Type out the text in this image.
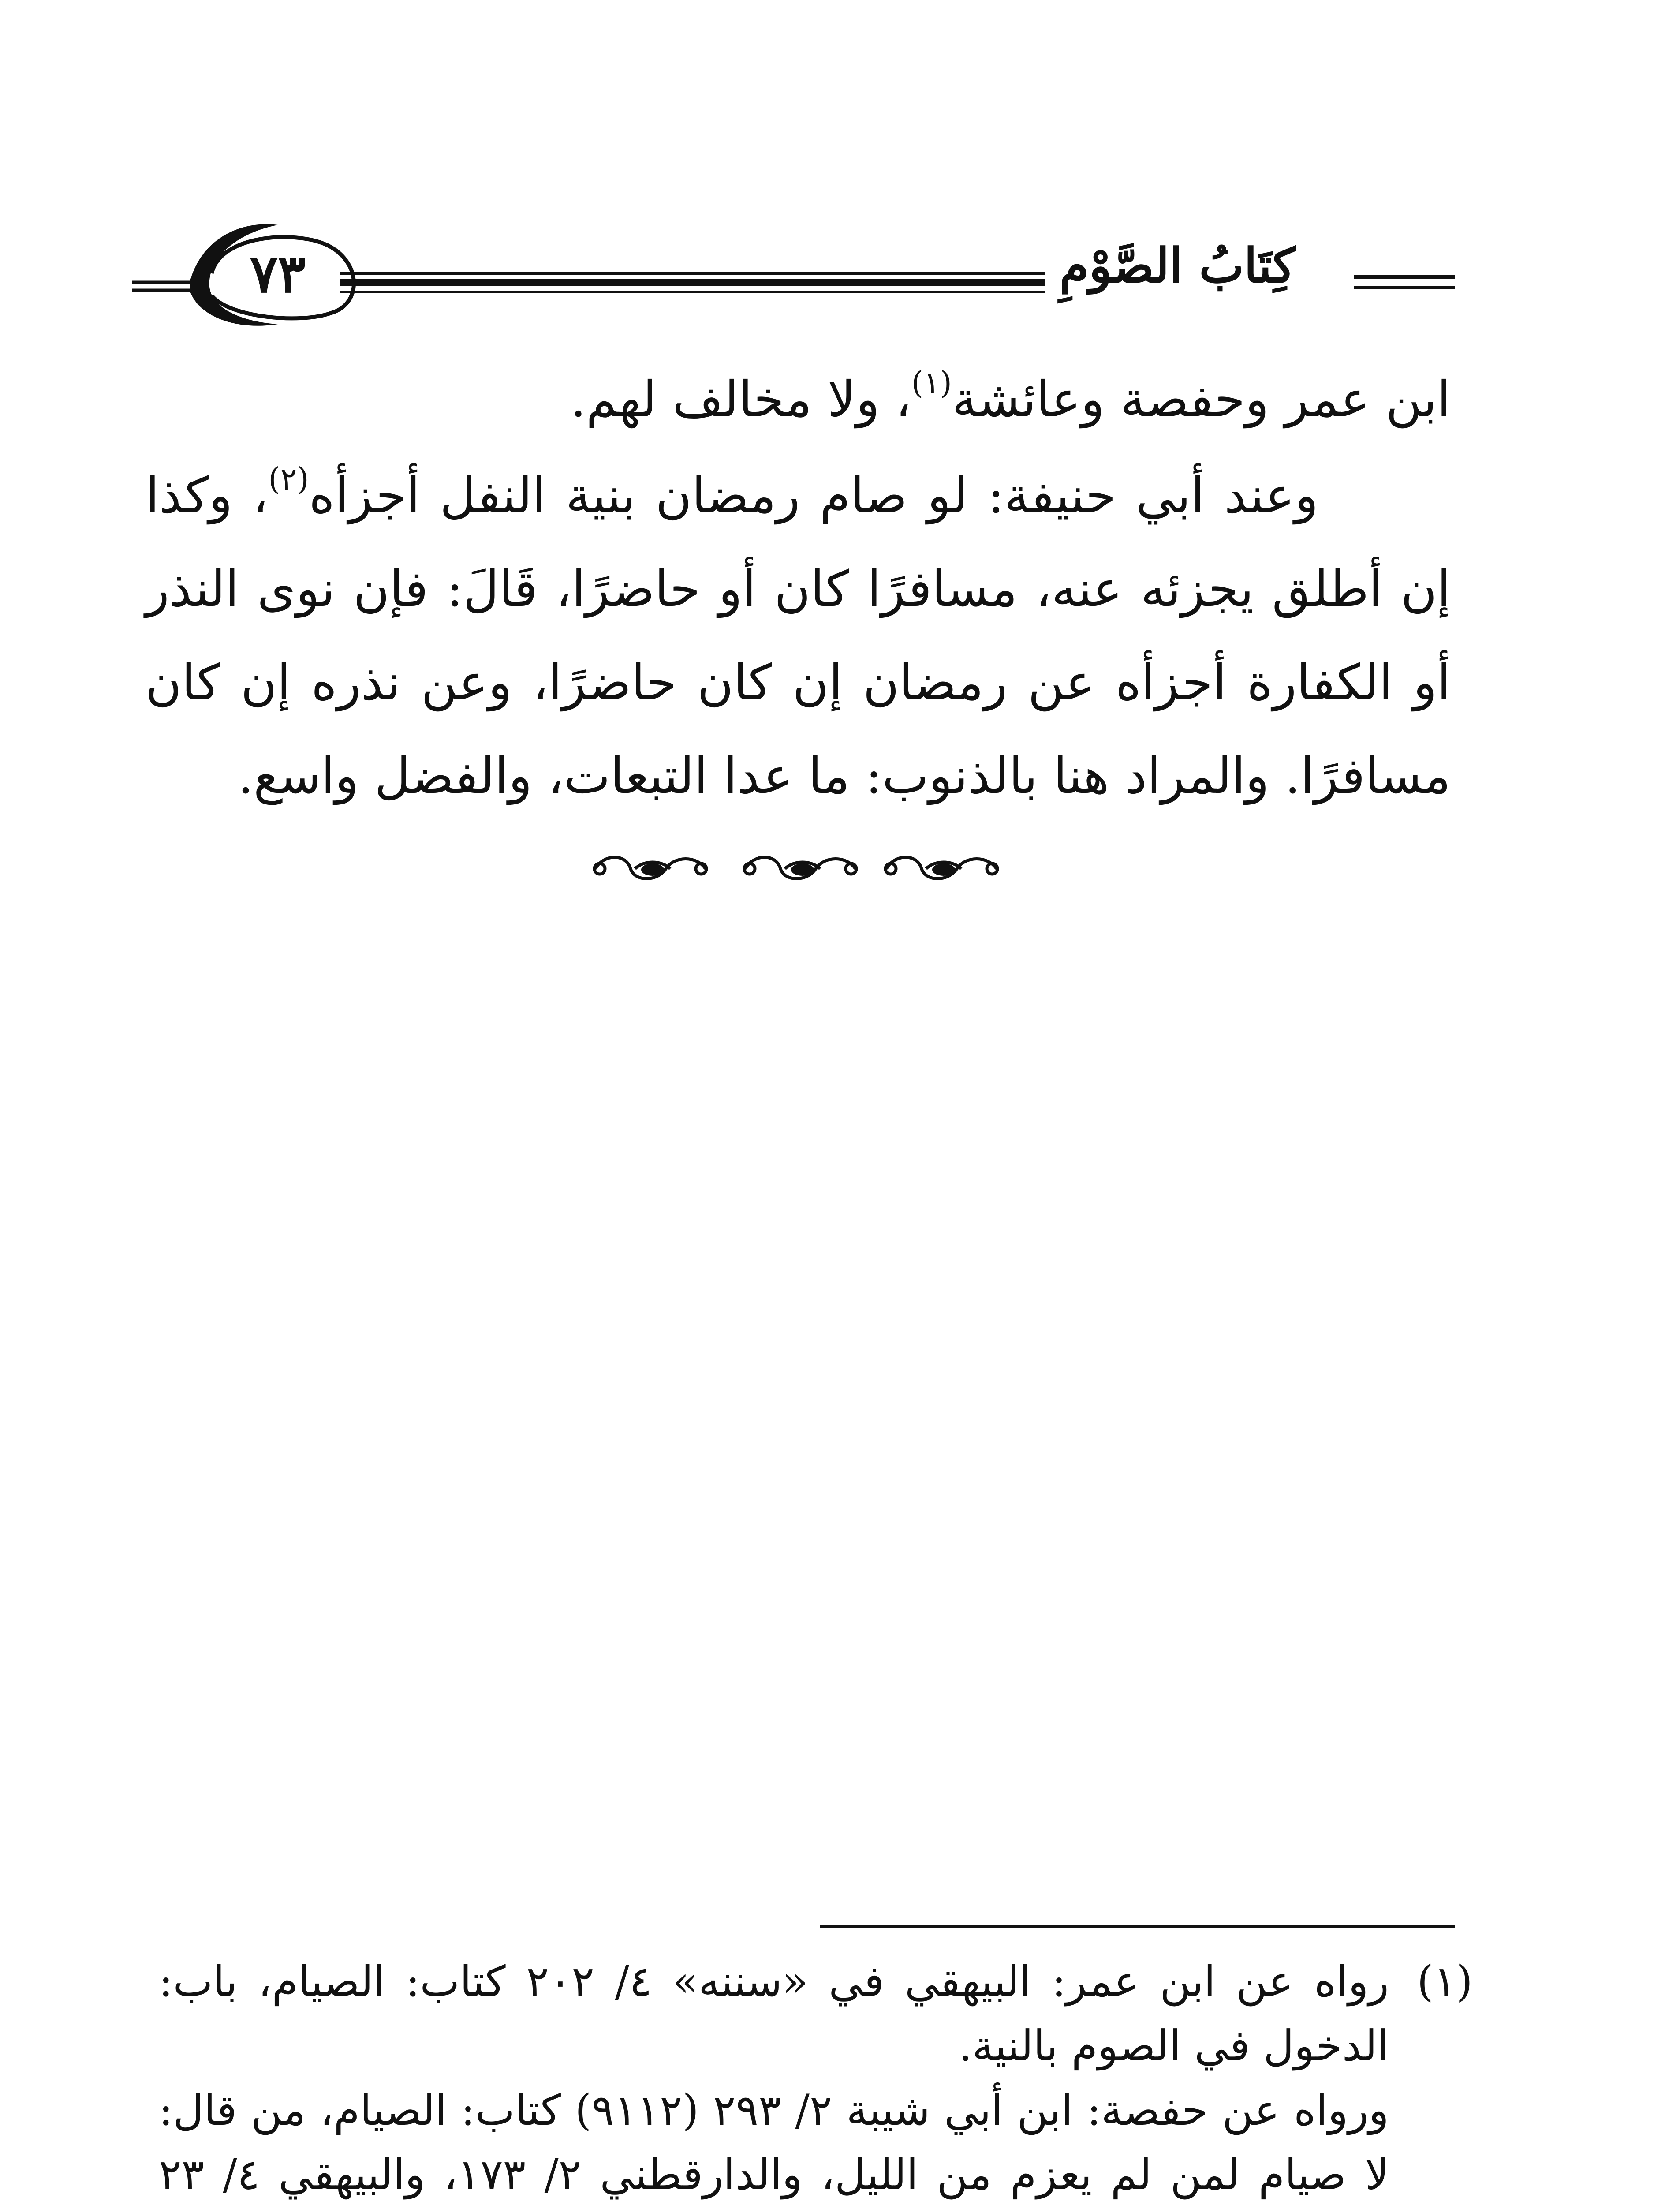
٧٣	كِتَابُ الصَّوْمِ

ابن عمر وحفصة وعائشة$^{(١)}$، ولا مخالف لهم.

وعند أبي حنيفة: لو صام رمضان بنية النفل أجزأه$^{(٢)}$، وكذا إن أطلق يجزئه عنه، مسافرًا كان أو حاضرًا، قَالَ: فإن نوى النذر أو الكفارة أجزأه عن رمضان إن كان حاضرًا، وعن نذره إن كان مسافرًا. والمراد هنا بالذنوب: ما عدا التبعات، والفضل واسع.

(١)
رواه عن ابن عمر: البيهقي في «سننه» ٤/ ٢٠٢ كتاب: الصيام، باب: الدخول في الصوم بالنية.
ورواه عن حفصة: ابن أبي شيبة ٢/ ٢٩٣ (٩١١٢) كتاب: الصيام، من قال: لا صيام لمن لم يعزم من الليل، والدارقطني ٢/ ١٧٣، والبيهقي ٤/ ٢٣
